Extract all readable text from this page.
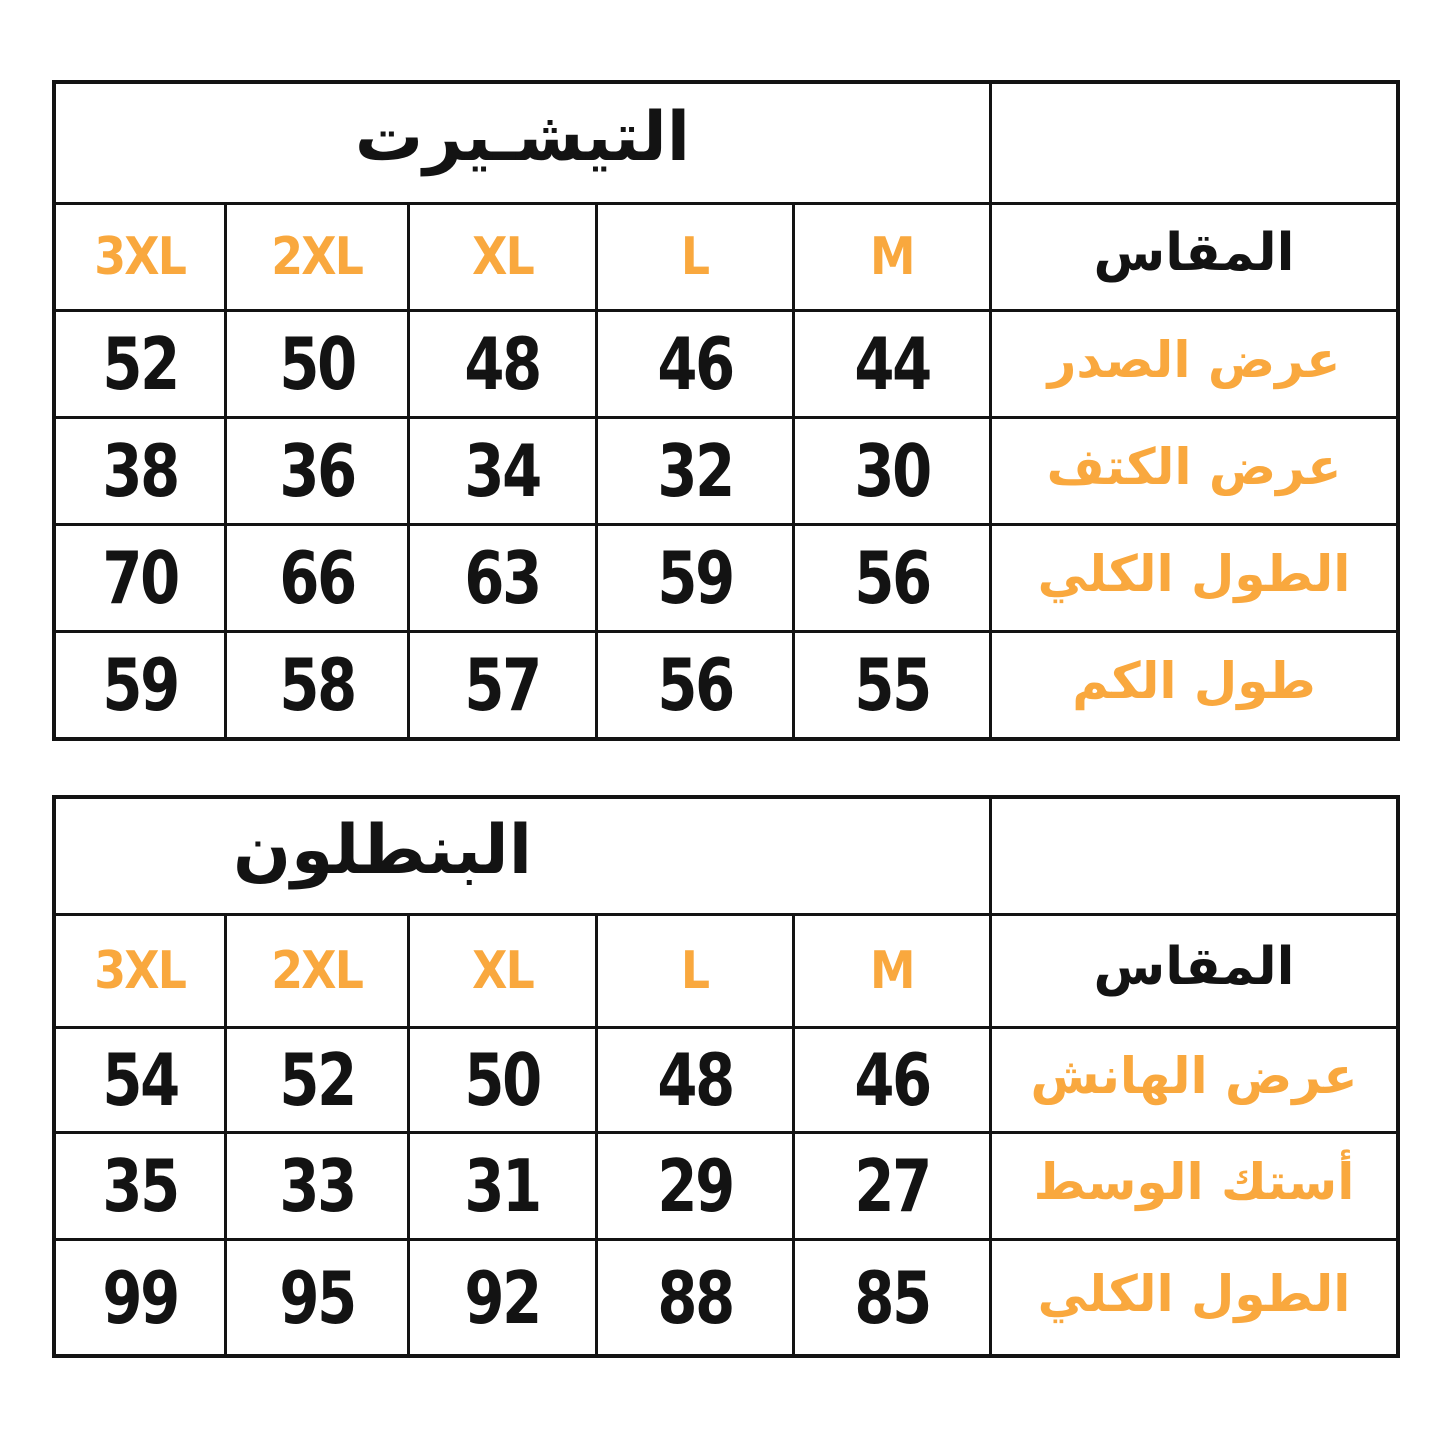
التيشـيرت
3XL 2XL XL	L	M	المقاس
52 50 48 46 44 عرض الصدر
38 36 34 32 30 عرض الكتف
70 66 63 59 56 الطول الكلي
59 58 57 56 55	طول الكم
البنطلون
3XL 2XL XL	L	M	المقاس
54 52 50 48 46 عرض الهانش
35 33 31 29 27 أستك الوسط
99 95 92 88 85 الطول الكلي
